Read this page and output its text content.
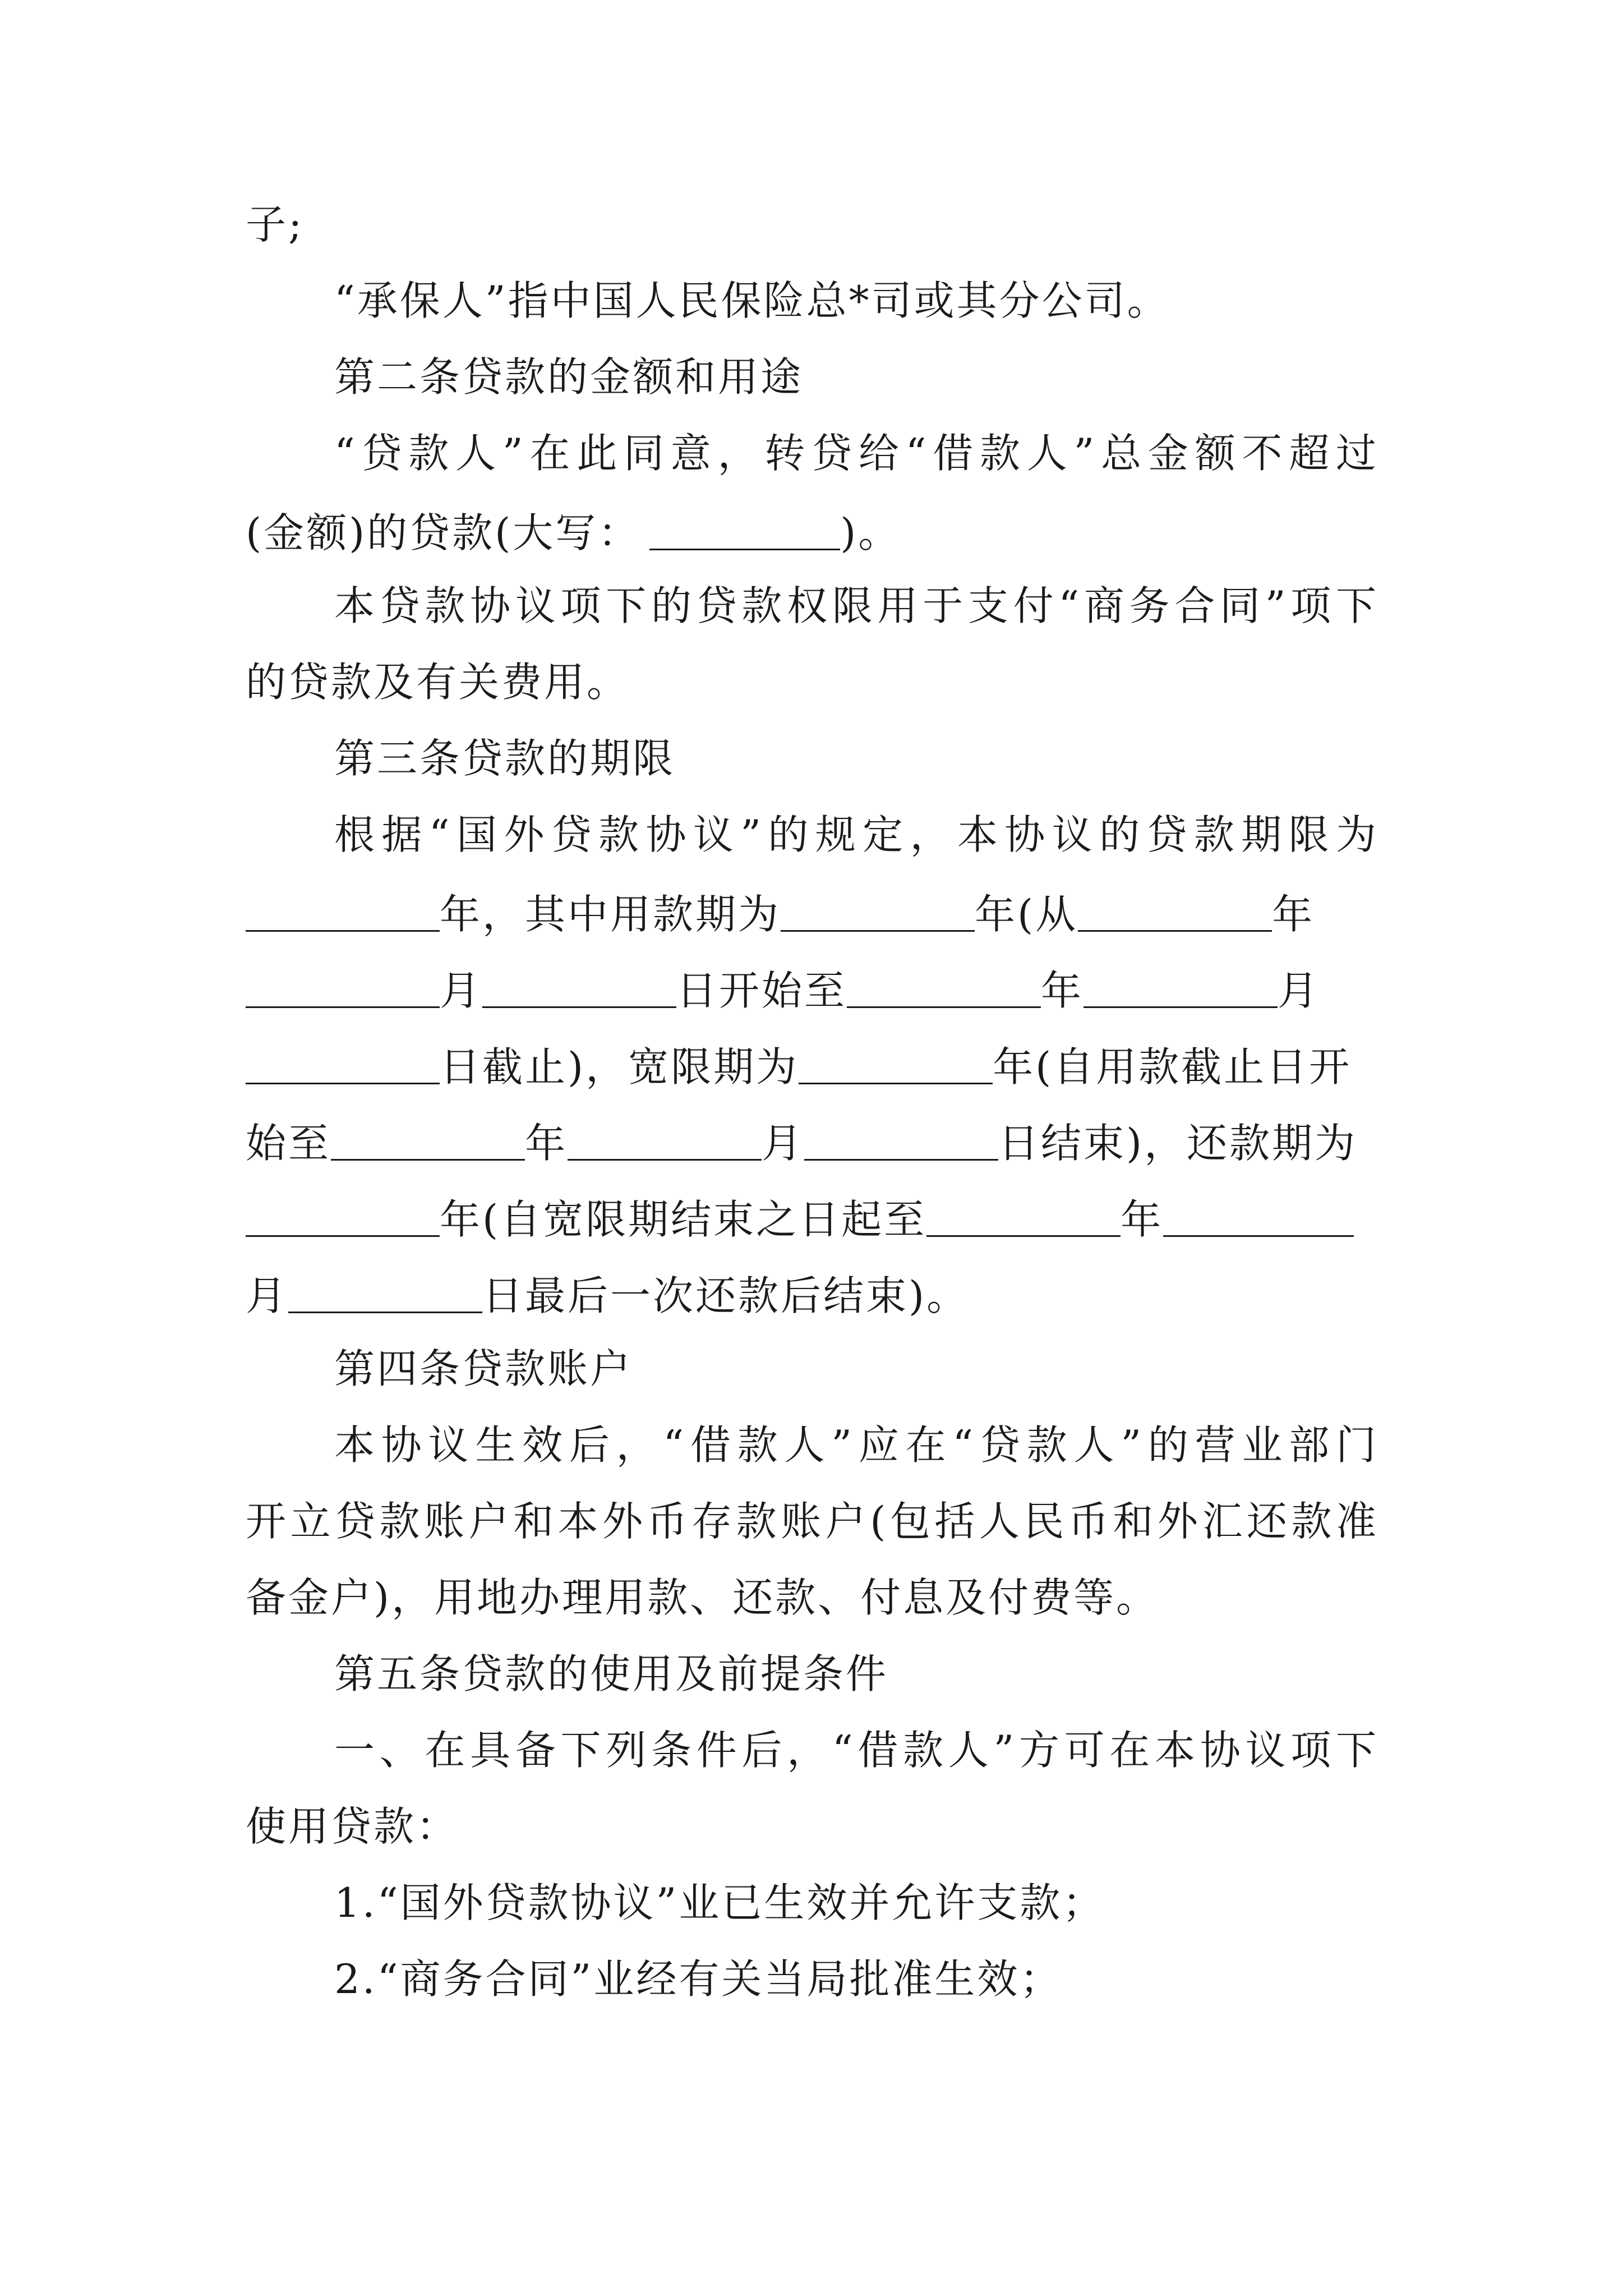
子;
“承保人”指中国人民保险总*司或其分公司。
第二条贷款的金额和用途
“贷款人”在此同意，转贷给“借款人”总金额不超过
(金额)的贷款(大写：	)。
本贷款协议项下的贷款权限用于支付“商务合同”项下
的贷款及有关费用。
第三条贷款的期限
根据“国外贷款协议”的规定，本协议的贷款期限为
年，其中用款期为	年(从	年
月	日开始至	年	月
日截止)，宽限期为	年(自用款截止日开
始至	年	月	日结束)，还款期为
年(自宽限期结束之日起至	年
月	日最后一次还款后结束)。
第四条贷款账户
本协议生效后，“借款人”应在“贷款人”的营业部门
开立贷款账户和本外币存款账户(包括人民币和外汇还款准
备金户)，用地办理用款、还款、付息及付费等。
第五条贷款的使用及前提条件
一、在具备下列条件后，“借款人”方可在本协议项下
使用贷款：
1.“国外贷款协议”业已生效并允许支款；
2.“商务合同”业经有关当局批准生效；
